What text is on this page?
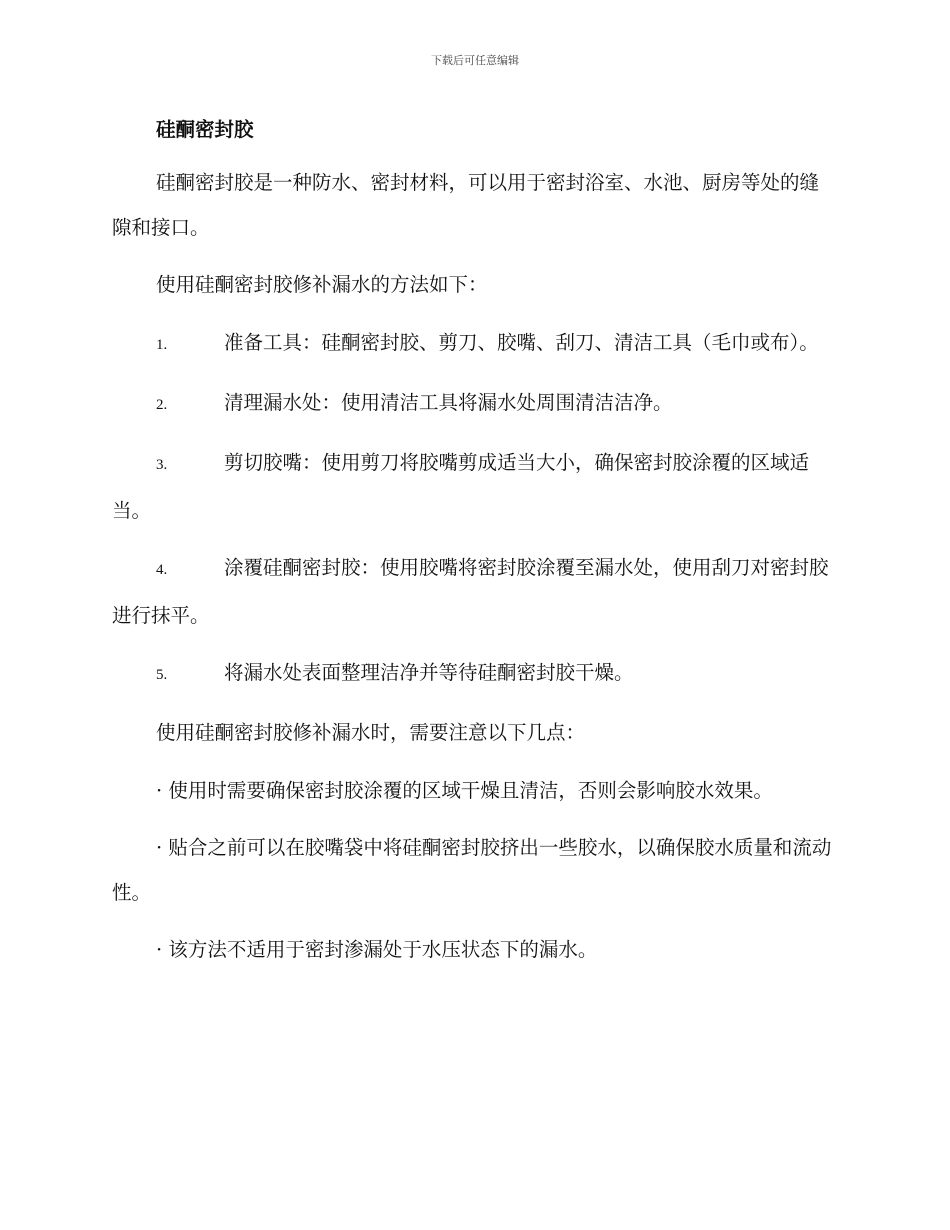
下载后可任意编辑
硅酮密封胶

硅酮密封胶是一种防水、密封材料，可以用于密封浴室、水池、厨房等处的缝隙和接口。

使用硅酮密封胶修补漏水的方法如下：

1.	准备工具：硅酮密封胶、剪刀、胶嘴、刮刀、清洁工具（毛巾或布）。
2.	清理漏水处：使用清洁工具将漏水处周围清洁洁净。
3.	剪切胶嘴：使用剪刀将胶嘴剪成适当大小，确保密封胶涂覆的区域适当。
4.	涂覆硅酮密封胶：使用胶嘴将密封胶涂覆至漏水处，使用刮刀对密封胶进行抹平。
5.	将漏水处表面整理洁净并等待硅酮密封胶干燥。

使用硅酮密封胶修补漏水时，需要注意以下几点：

· 使用时需要确保密封胶涂覆的区域干燥且清洁，否则会影响胶水效果。

· 贴合之前可以在胶嘴袋中将硅酮密封胶挤出一些胶水，以确保胶水质量和流动性。

· 该方法不适用于密封渗漏处于水压状态下的漏水。
